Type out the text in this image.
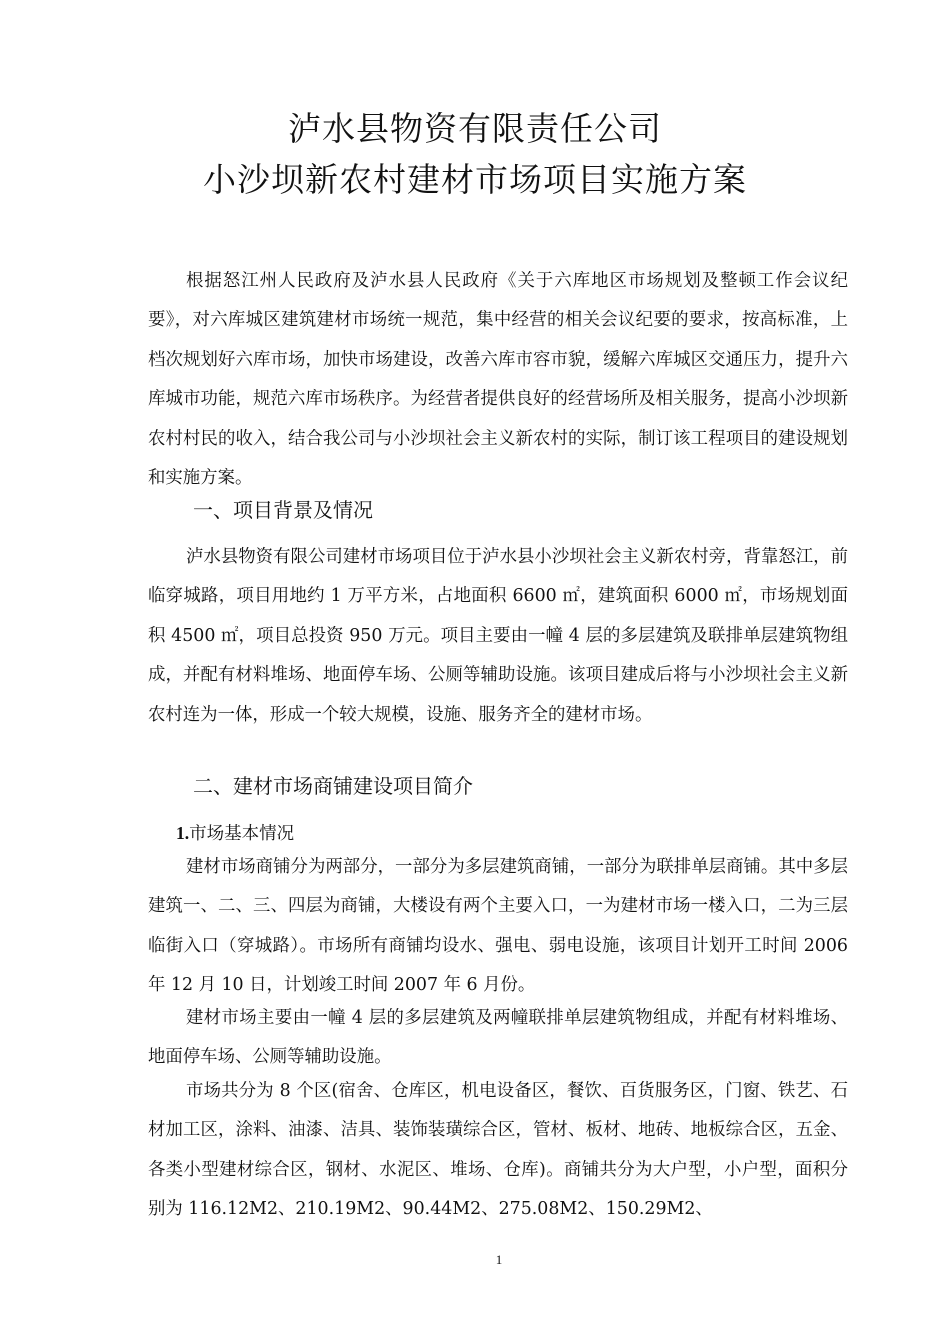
泸水县物资有限责任公司
小沙坝新农村建材市场项目实施方案
根据怒江州人民政府及泸水县人民政府《关于六库地区市场规划及整顿工作会议纪要》，对六库城区建筑建材市场统一规范，集中经营的相关会议纪要的要求，按高标准，上档次规划好六库市场，加快市场建设，改善六库市容市貌，缓解六库城区交通压力，提升六库城市功能，规范六库市场秩序。为经营者提供良好的经营场所及相关服务，提高小沙坝新农村村民的收入，结合我公司与小沙坝社会主义新农村的实际，制订该工程项目的建设规划和实施方案。
一、项目背景及情况
泸水县物资有限公司建材市场项目位于泸水县小沙坝社会主义新农村旁，背靠怒江，前临穿城路，项目用地约 1 万平方米，占地面积 6600 ㎡，建筑面积 6000 ㎡，市场规划面积 4500 ㎡，项目总投资 950 万元。项目主要由一幢 4 层的多层建筑及联排单层建筑物组成，并配有材料堆场、地面停车场、公厕等辅助设施。该项目建成后将与小沙坝社会主义新农村连为一体，形成一个较大规模，设施、服务齐全的建材市场。
二、建材市场商铺建设项目简介
1.市场基本情况
建材市场商铺分为两部分，一部分为多层建筑商铺，一部分为联排单层商铺。其中多层建筑一、二、三、四层为商铺，大楼设有两个主要入口，一为建材市场一楼入口，二为三层临街入口（穿城路）。市场所有商铺均设水、强电、弱电设施，该项目计划开工时间 2006 年 12 月 10 日，计划竣工时间 2007 年 6 月份。
建材市场主要由一幢 4 层的多层建筑及两幢联排单层建筑物组成，并配有材料堆场、地面停车场、公厕等辅助设施。
市场共分为 8 个区(宿舍、仓库区，机电设备区，餐饮、百货服务区，门窗、铁艺、石材加工区，涂料、油漆、洁具、装饰装璜综合区，管材、板材、地砖、地板综合区，五金、各类小型建材综合区，钢材、水泥区、堆场、仓库)。商铺共分为大户型，小户型，面积分别为 116.12M2、210.19M2、90.44M2、275.08M2、150.29M2、
1
